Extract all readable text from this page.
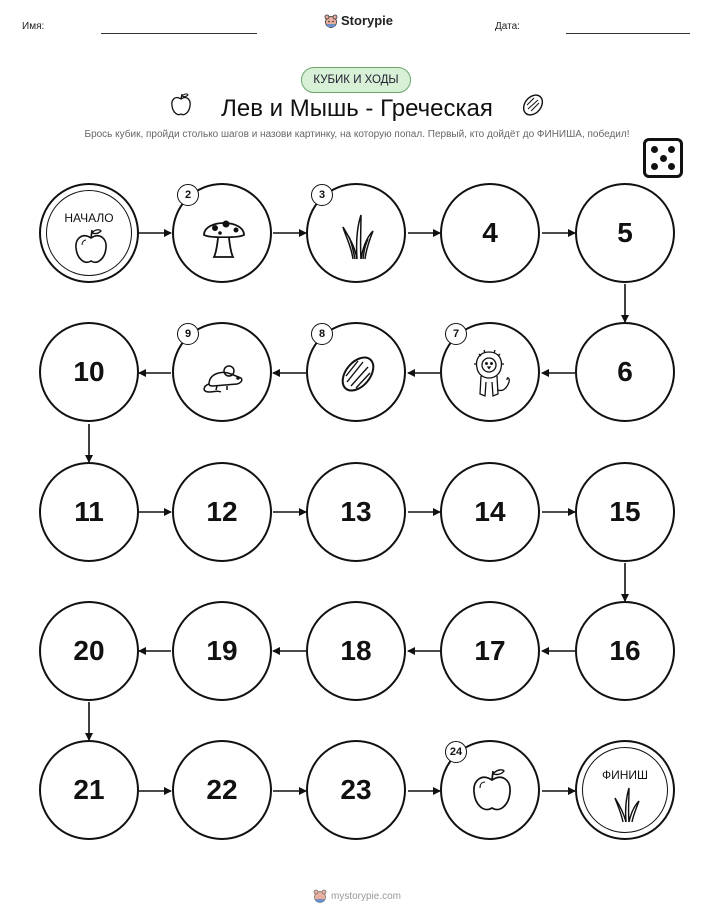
Имя:	Storypie	Дата:
КУБИК И ХОДЫ
Лев и Мышь - Греческая
Брось кубик, пройди столько шагов и назови картинку, на которую попал. Первый, кто дойдёт до ФИНИША, победил!
НАЧАЛО
2	3
4	5
10
9	8	7
6
11	12	13	14	15
20	19	18	17	16
21	22	23
24
ФИНИШ
mystorypie.com
